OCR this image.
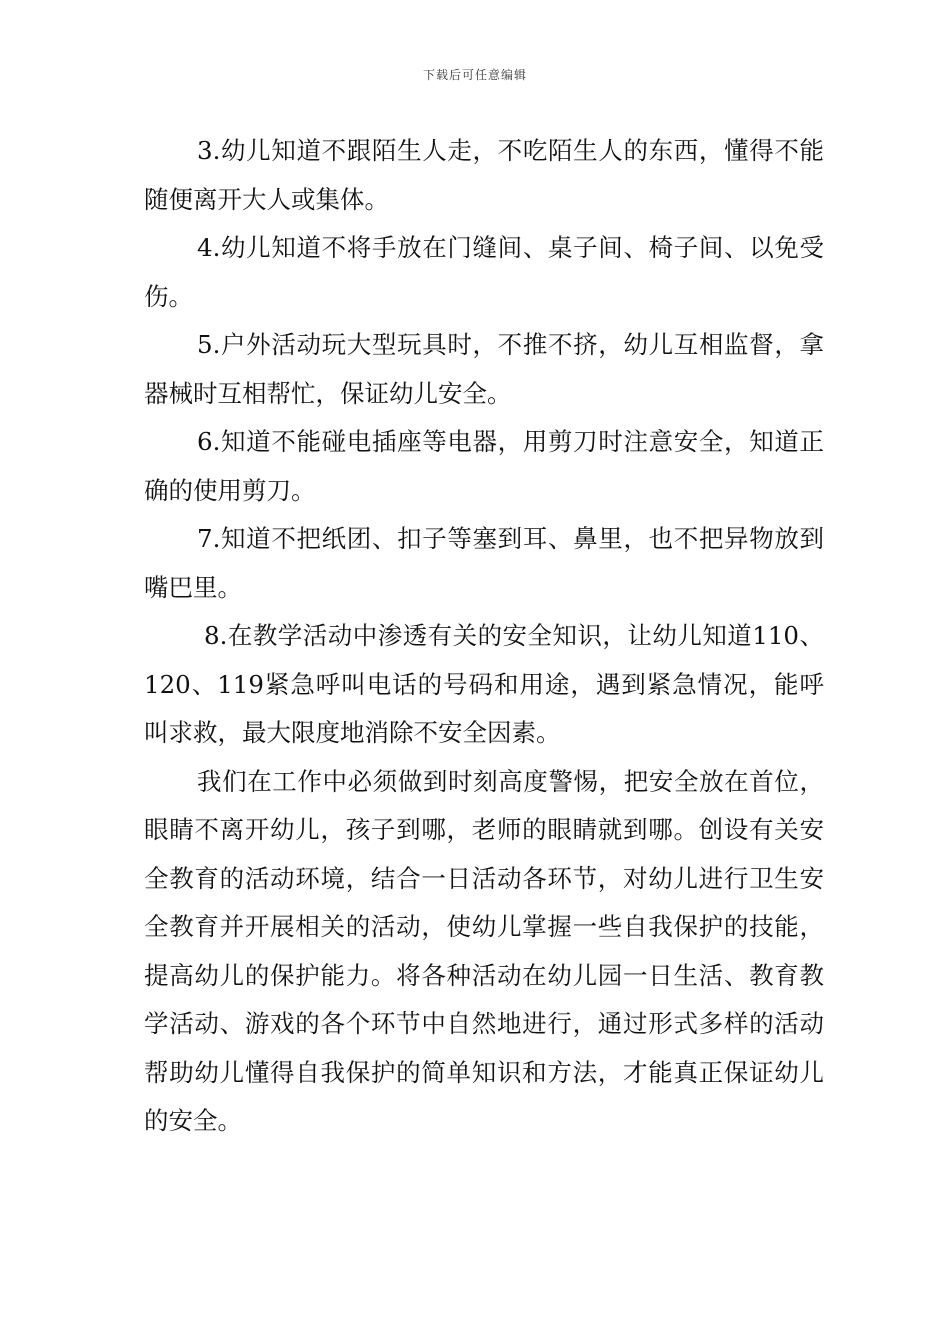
下载后可任意编辑

3.幼儿知道不跟陌生人走，不吃陌生人的东西，懂得不能随便离开大人或集体。

4.幼儿知道不将手放在门缝间、桌子间、椅子间、以免受伤。

5.户外活动玩大型玩具时，不推不挤，幼儿互相监督，拿器械时互相帮忙，保证幼儿安全。

6.知道不能碰电插座等电器，用剪刀时注意安全，知道正确的使用剪刀。

7.知道不把纸团、扣子等塞到耳、鼻里，也不把异物放到嘴巴里。

8.在教学活动中渗透有关的安全知识，让幼儿知道110、120、119紧急呼叫电话的号码和用途，遇到紧急情况，能呼叫求救，最大限度地消除不安全因素。

我们在工作中必须做到时刻高度警惕，把安全放在首位，眼睛不离开幼儿，孩子到哪，老师的眼睛就到哪。创设有关安全教育的活动环境，结合一日活动各环节，对幼儿进行卫生安全教育并开展相关的活动，使幼儿掌握一些自我保护的技能，提高幼儿的保护能力。将各种活动在幼儿园一日生活、教育教学活动、游戏的各个环节中自然地进行，通过形式多样的活动帮助幼儿懂得自我保护的简单知识和方法，才能真正保证幼儿的安全。
